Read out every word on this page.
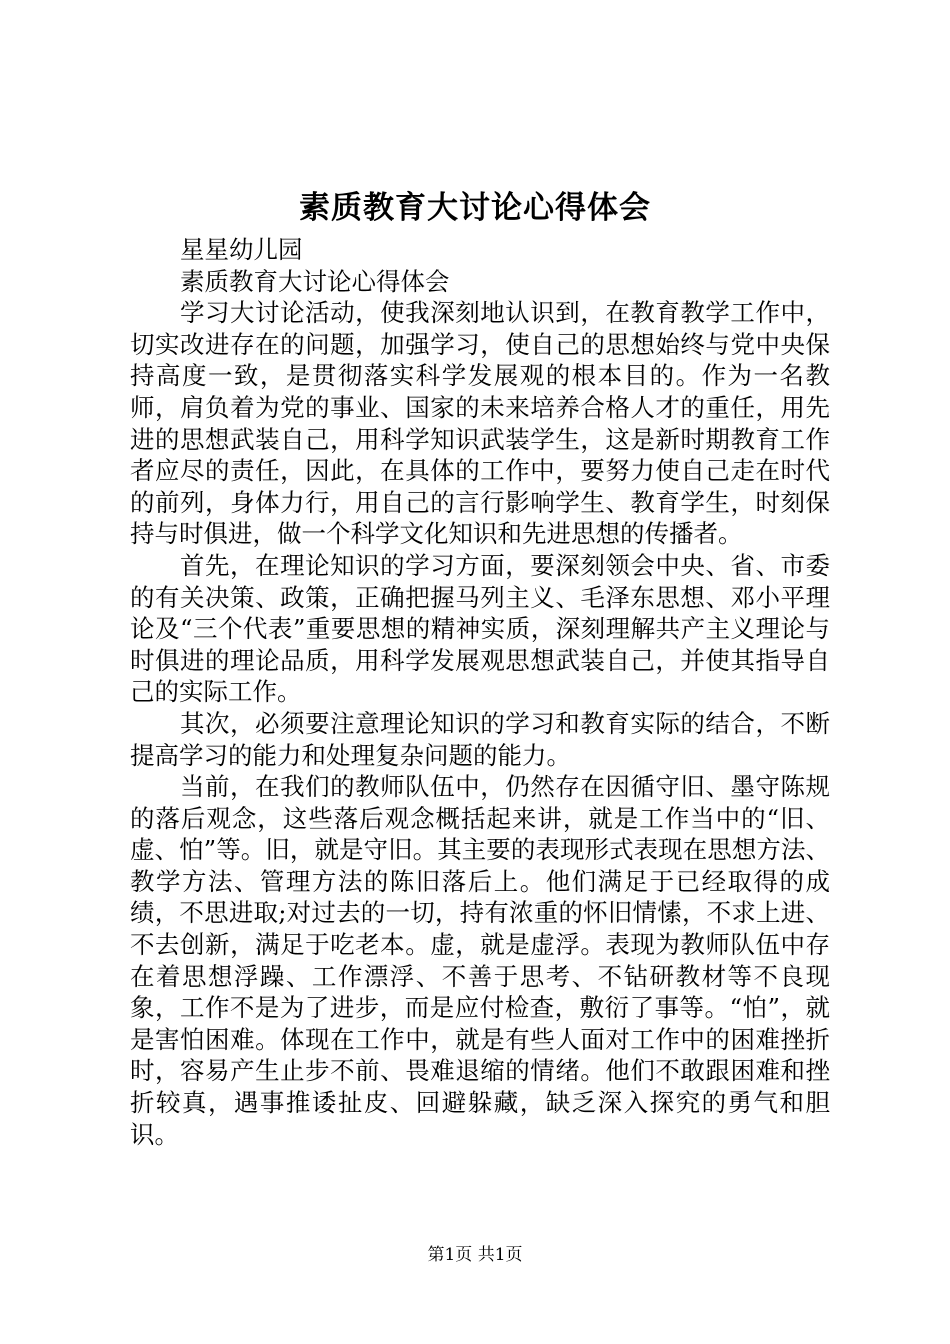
素质教育大讨论心得体会

星星幼儿园

素质教育大讨论心得体会

学习大讨论活动，使我深刻地认识到，在教育教学工作中，切实改进存在的问题，加强学习，使自己的思想始终与党中央保持高度一致，是贯彻落实科学发展观的根本目的。作为一名教师，肩负着为党的事业、国家的未来培养合格人才的重任，用先进的思想武装自己，用科学知识武装学生，这是新时期教育工作者应尽的责任，因此，在具体的工作中，要努力使自己走在时代的前列，身体力行，用自己的言行影响学生、教育学生，时刻保持与时俱进，做一个科学文化知识和先进思想的传播者。

首先，在理论知识的学习方面，要深刻领会中央、省、市委的有关决策、政策，正确把握马列主义、毛泽东思想、邓小平理论及“三个代表”重要思想的精神实质，深刻理解共产主义理论与时俱进的理论品质，用科学发展观思想武装自己，并使其指导自己的实际工作。

其次，必须要注意理论知识的学习和教育实际的结合，不断提高学习的能力和处理复杂问题的能力。

当前，在我们的教师队伍中，仍然存在因循守旧、墨守陈规的落后观念，这些落后观念概括起来讲，就是工作当中的“旧、虚、怕”等。旧，就是守旧。其主要的表现形式表现在思想方法、教学方法、管理方法的陈旧落后上。他们满足于已经取得的成绩，不思进取;对过去的一切，持有浓重的怀旧情愫，不求上进、不去创新，满足于吃老本。虚，就是虚浮。表现为教师队伍中存在着思想浮躁、工作漂浮、不善于思考、不钻研教材等不良现象，工作不是为了进步，而是应付检查，敷衍了事等。“怕”，就是害怕困难。体现在工作中，就是有些人面对工作中的困难挫折时，容易产生止步不前、畏难退缩的情绪。他们不敢跟困难和挫折较真，遇事推诿扯皮、回避躲藏，缺乏深入探究的勇气和胆识。

第1页 共1页
